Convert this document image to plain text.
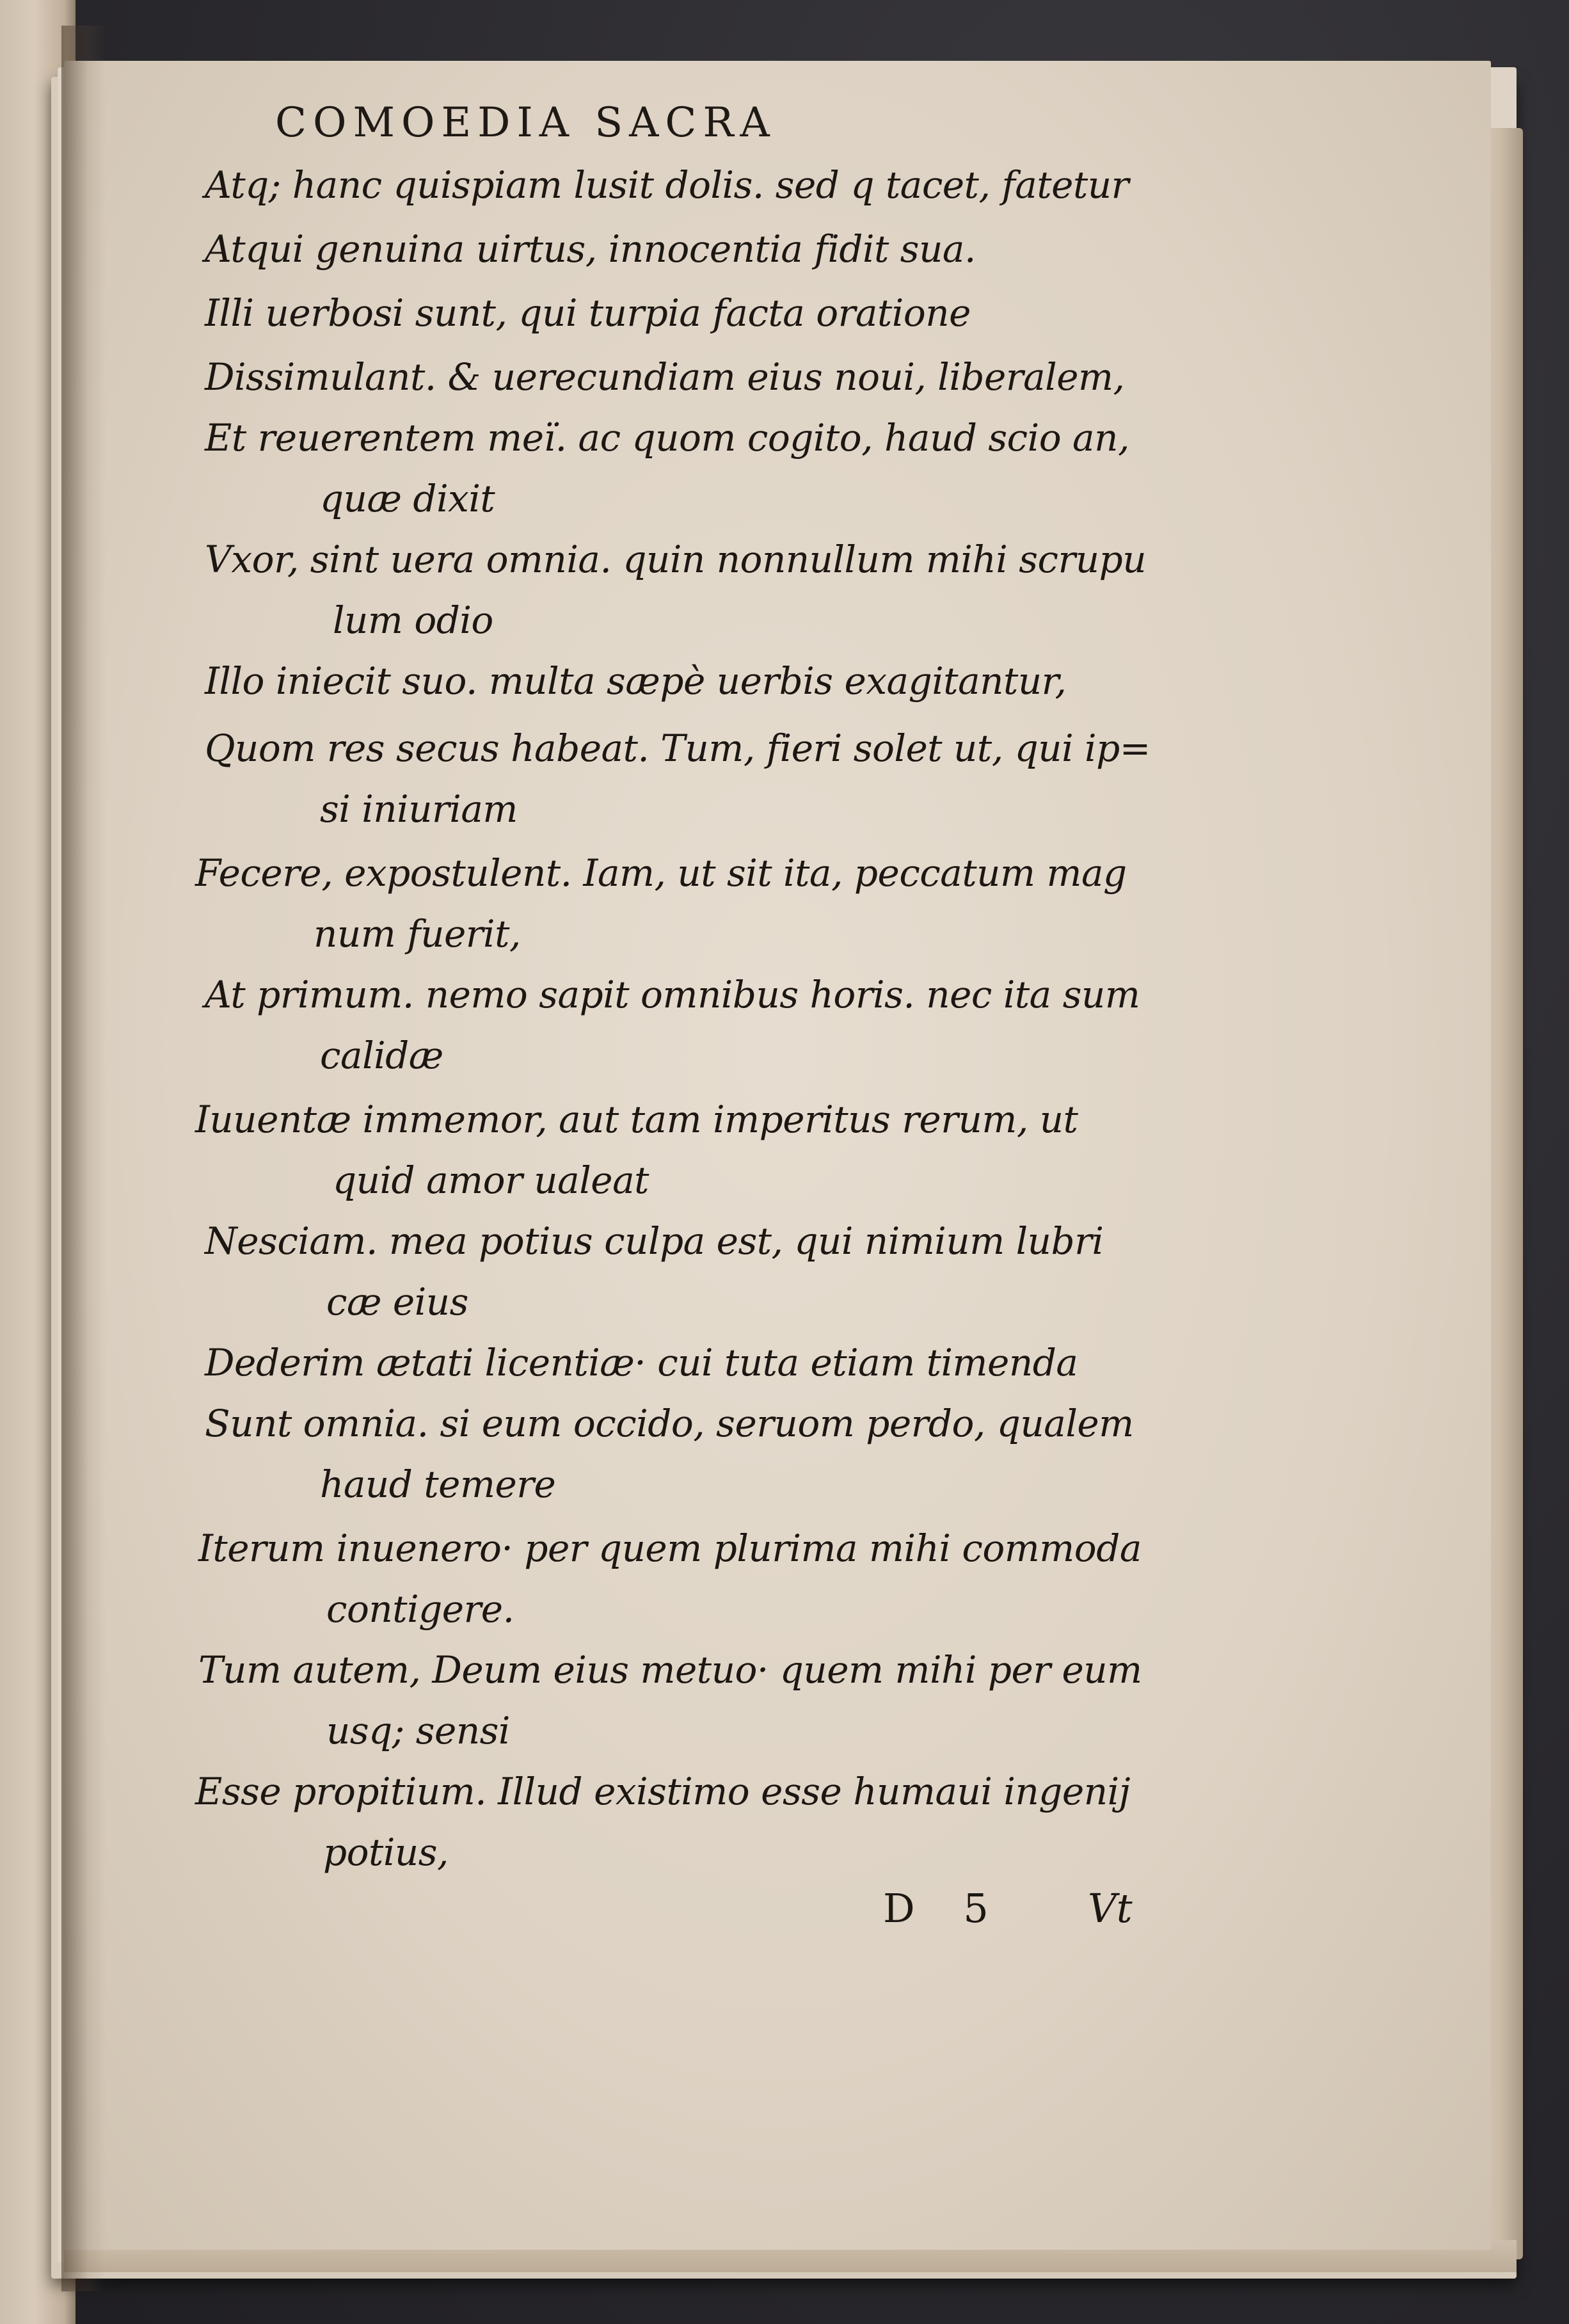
COMOEDIA SACRA
Atq; hanc quispiam lusit dolis. sed q tacet, fatetur
Atqui genuina uirtus, innocentia fidit sua.
Illi uerbosi sunt, qui turpia facta oratione
Dissimulant. & uerecundiam eius noui, liberalem,
Et reuerentem meï. ac quom cogito, haud scio an,
quæ dixit
Vxor, sint uera omnia. quin nonnullum mihi scrupu
lum odio
Illo iniecit suo. multa sæpè uerbis exagitantur,
Quom res secus habeat. Tum, fieri solet ut, qui ip=
si iniuriam
Fecere, expostulent. Iam, ut sit ita, peccatum mag
num fuerit,
At primum. nemo sapit omnibus horis. nec ita sum
calidæ
Iuuentæ immemor, aut tam imperitus rerum, ut
quid amor ualeat
Nesciam. mea potius culpa est, qui nimium lubri
cæ eius
Dederim ætati licentiæ· cui tuta etiam timenda
Sunt omnia. si eum occido, seruom perdo, qualem
haud temere
Iterum inuenero· per quem plurima mihi commoda
contigere.
Tum autem, Deum eius metuo· quem mihi per eum
usq; sensi
Esse propitium. Illud existimo esse humaui ingenij
potius,
D 5 Vt
